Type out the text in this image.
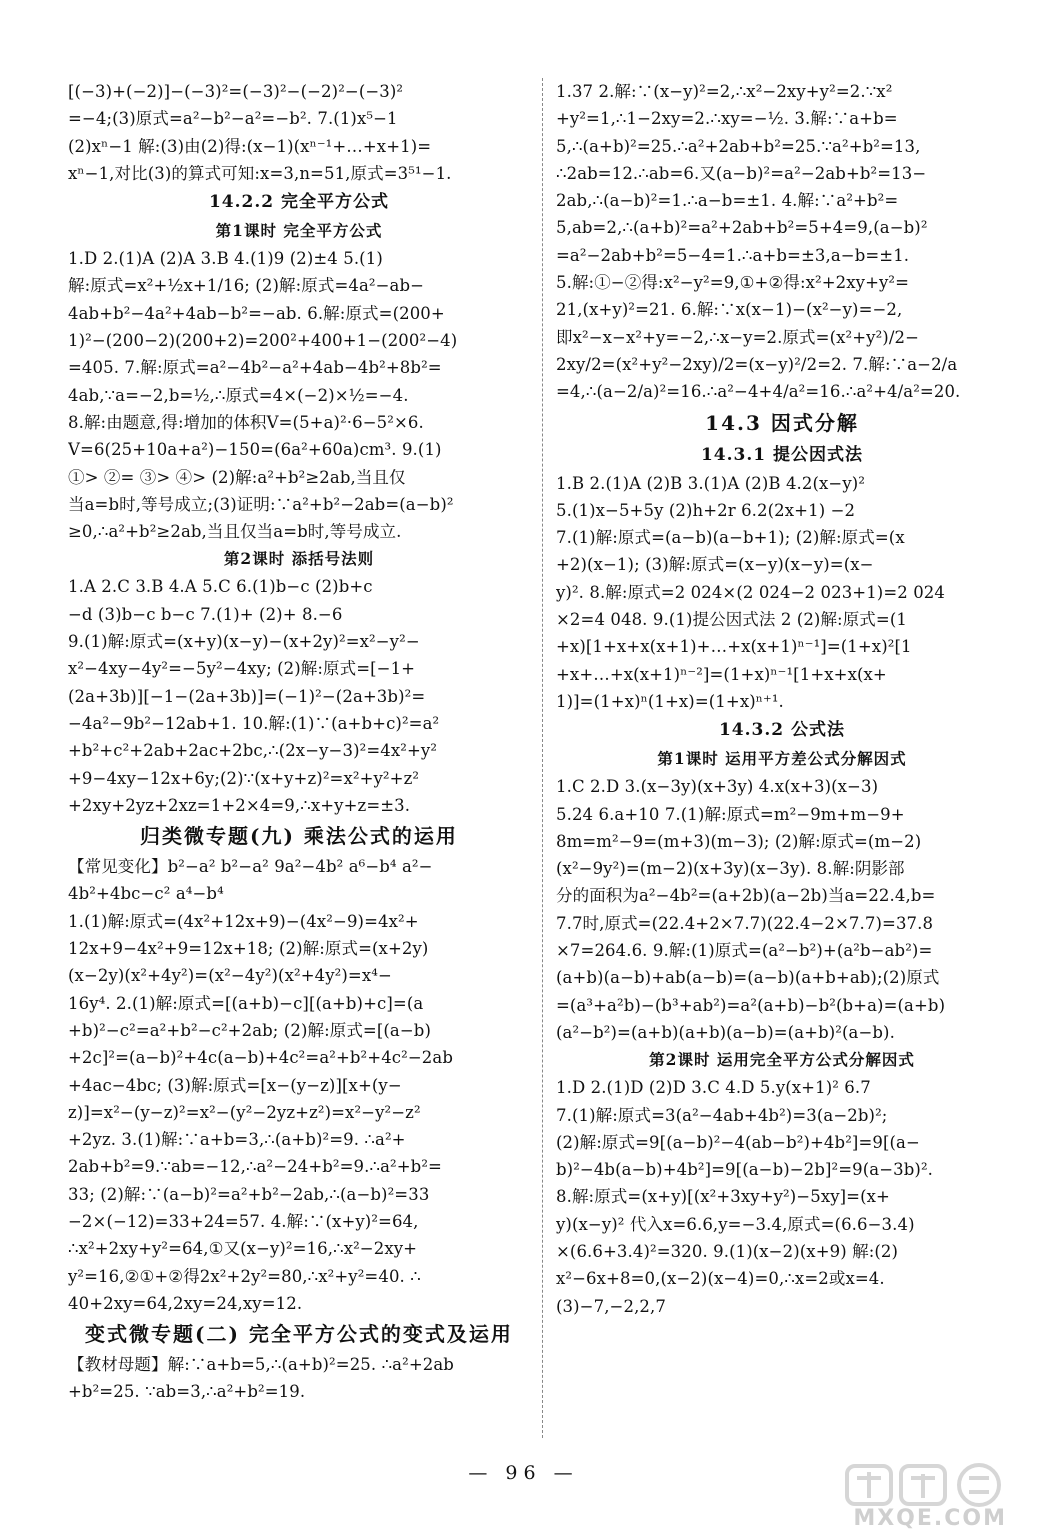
[(−3)+(−2)]−(−3)²=(−3)²−(−2)²−(−3)²
=−4;(3)原式=a²−b²−a²=−b². 7.(1)x⁵−1
(2)xⁿ−1 解:(3)由(2)得:(x−1)(xⁿ⁻¹+…+x+1)=
xⁿ−1,对比(3)的算式可知:x=3,n=51,原式=3⁵¹−1.
14.2.2 完全平方公式
第1课时 完全平方公式
1.D 2.(1)A (2)A 3.B 4.(1)9 (2)±4 5.(1)
解:原式=x²+½x+1/16; (2)解:原式=4a²−ab−
4ab+b²−4a²+4ab−b²=−ab. 6.解:原式=(200+
1)²−(200−2)(200+2)=200²+400+1−(200²−4)
=405. 7.解:原式=a²−4b²−a²+4ab−4b²+8b²=
4ab,∵a=−2,b=½,∴原式=4×(−2)×½=−4.
8.解:由题意,得:增加的体积V=(5+a)²·6−5²×6.
V=6(25+10a+a²)−150=(6a²+60a)cm³. 9.(1)
①> ②= ③> ④> (2)解:a²+b²≥2ab,当且仅
当a=b时,等号成立;(3)证明:∵a²+b²−2ab=(a−b)²
≥0,∴a²+b²≥2ab,当且仅当a=b时,等号成立.
第2课时 添括号法则
1.A 2.C 3.B 4.A 5.C 6.(1)b−c (2)b+c
−d (3)b−c b−c 7.(1)+ (2)+ 8.−6
9.(1)解:原式=(x+y)(x−y)−(x+2y)²=x²−y²−
x²−4xy−4y²=−5y²−4xy; (2)解:原式=[−1+
(2a+3b)][−1−(2a+3b)]=(−1)²−(2a+3b)²=
−4a²−9b²−12ab+1. 10.解:(1)∵(a+b+c)²=a²
+b²+c²+2ab+2ac+2bc,∴(2x−y−3)²=4x²+y²
+9−4xy−12x+6y;(2)∵(x+y+z)²=x²+y²+z²
+2xy+2yz+2xz=1+2×4=9,∴x+y+z=±3.
归类微专题(九) 乘法公式的运用
【常见变化】b²−a² b²−a² 9a²−4b² a⁶−b⁴ a²−
4b²+4bc−c² a⁴−b⁴
1.(1)解:原式=(4x²+12x+9)−(4x²−9)=4x²+
12x+9−4x²+9=12x+18; (2)解:原式=(x+2y)
(x−2y)(x²+4y²)=(x²−4y²)(x²+4y²)=x⁴−
16y⁴. 2.(1)解:原式=[(a+b)−c][(a+b)+c]=(a
+b)²−c²=a²+b²−c²+2ab; (2)解:原式=[(a−b)
+2c]²=(a−b)²+4c(a−b)+4c²=a²+b²+4c²−2ab
+4ac−4bc; (3)解:原式=[x−(y−z)][x+(y−
z)]=x²−(y−z)²=x²−(y²−2yz+z²)=x²−y²−z²
+2yz. 3.(1)解:∵a+b=3,∴(a+b)²=9. ∴a²+
2ab+b²=9.∵ab=−12,∴a²−24+b²=9.∴a²+b²=
33; (2)解:∵(a−b)²=a²+b²−2ab,∴(a−b)²=33
−2×(−12)=33+24=57. 4.解:∵(x+y)²=64,
∴x²+2xy+y²=64,①又(x−y)²=16,∴x²−2xy+
y²=16,②①+②得2x²+2y²=80,∴x²+y²=40. ∴
40+2xy=64,2xy=24,xy=12.
变式微专题(二) 完全平方公式的变式及运用
【教材母题】解:∵a+b=5,∴(a+b)²=25. ∴a²+2ab
+b²=25. ∵ab=3,∴a²+b²=19.
1.37 2.解:∵(x−y)²=2,∴x²−2xy+y²=2.∵x²
+y²=1,∴1−2xy=2.∴xy=−½. 3.解:∵a+b=
5,∴(a+b)²=25.∴a²+2ab+b²=25.∵a²+b²=13,
∴2ab=12.∴ab=6.又(a−b)²=a²−2ab+b²=13−
2ab,∴(a−b)²=1.∴a−b=±1. 4.解:∵a²+b²=
5,ab=2,∴(a+b)²=a²+2ab+b²=5+4=9,(a−b)²
=a²−2ab+b²=5−4=1.∴a+b=±3,a−b=±1.
5.解:①−②得:x²−y²=9,①+②得:x²+2xy+y²=
21,(x+y)²=21. 6.解:∵x(x−1)−(x²−y)=−2,
即x²−x−x²+y=−2,∴x−y=2.原式=(x²+y²)/2−
2xy/2=(x²+y²−2xy)/2=(x−y)²/2=2. 7.解:∵a−2/a
=4,∴(a−2/a)²=16.∴a²−4+4/a²=16.∴a²+4/a²=20.
14.3 因式分解
14.3.1 提公因式法
1.B 2.(1)A (2)B 3.(1)A (2)B 4.2(x−y)²
5.(1)x−5+5y (2)h+2r 6.2(2x+1) −2
7.(1)解:原式=(a−b)(a−b+1); (2)解:原式=(x
+2)(x−1); (3)解:原式=(x−y)(x−y)=(x−
y)². 8.解:原式=2 024×(2 024−2 023+1)=2 024
×2=4 048. 9.(1)提公因式法 2 (2)解:原式=(1
+x)[1+x+x(x+1)+…+x(x+1)ⁿ⁻¹]=(1+x)²[1
+x+…+x(x+1)ⁿ⁻²]=(1+x)ⁿ⁻¹[1+x+x(x+
1)]=(1+x)ⁿ(1+x)=(1+x)ⁿ⁺¹.
14.3.2 公式法
第1课时 运用平方差公式分解因式
1.C 2.D 3.(x−3y)(x+3y) 4.x(x+3)(x−3)
5.24 6.a+10 7.(1)解:原式=m²−9m+m−9+
8m=m²−9=(m+3)(m−3); (2)解:原式=(m−2)
(x²−9y²)=(m−2)(x+3y)(x−3y). 8.解:阴影部
分的面积为a²−4b²=(a+2b)(a−2b)当a=22.4,b=
7.7时,原式=(22.4+2×7.7)(22.4−2×7.7)=37.8
×7=264.6. 9.解:(1)原式=(a²−b²)+(a²b−ab²)=
(a+b)(a−b)+ab(a−b)=(a−b)(a+b+ab);(2)原式
=(a³+a²b)−(b³+ab²)=a²(a+b)−b²(b+a)=(a+b)
(a²−b²)=(a+b)(a+b)(a−b)=(a+b)²(a−b).
第2课时 运用完全平方公式分解因式
1.D 2.(1)D (2)D 3.C 4.D 5.y(x+1)² 6.7
7.(1)解:原式=3(a²−4ab+4b²)=3(a−2b)²;
(2)解:原式=9[(a−b)²−4(ab−b²)+4b²]=9[(a−
b)²−4b(a−b)+4b²]=9[(a−b)−2b]²=9(a−3b)².
8.解:原式=(x+y)[(x²+3xy+y²)−5xy]=(x+
y)(x−y)² 代入x=6.6,y=−3.4,原式=(6.6−3.4)
×(6.6+3.4)²=320. 9.(1)(x−2)(x+9) 解:(2)
x²−6x+8=0,(x−2)(x−4)=0,∴x=2或x=4.
(3)−7,−2,2,7
— 96 —
MXQE.COM
